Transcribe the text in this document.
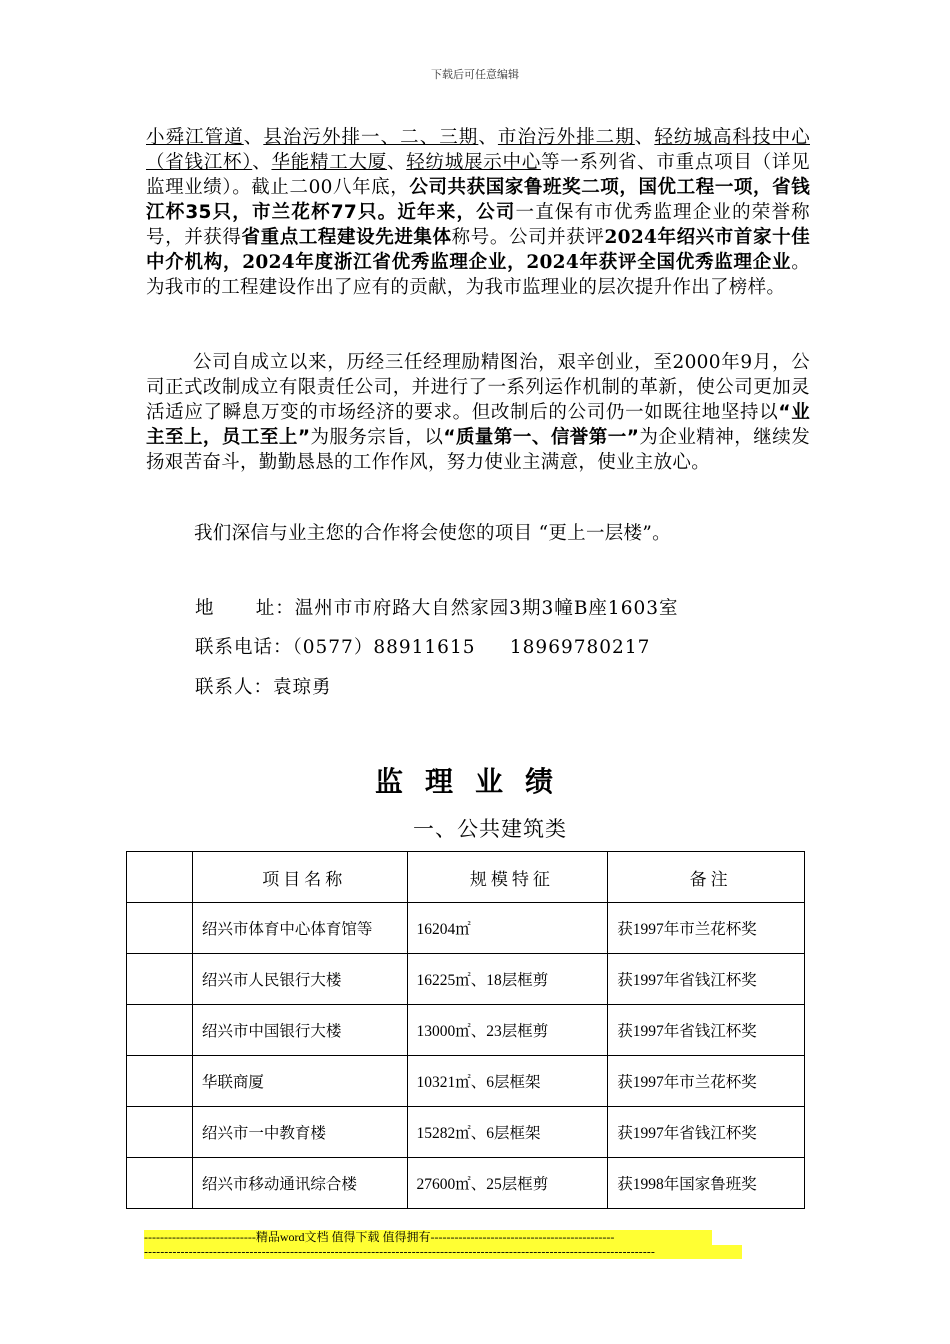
下载后可任意编辑
小舜江管道、县治污外排一、二、三期、市治污外排二期、轻纺城高科技中心（省钱江杯）、华能精工大厦、轻纺城展示中心等一系列省、市重点项目（详见监理业绩）。截止二00八年底，公司共获国家鲁班奖二项，国优工程一项，省钱江杯35只，市兰花杯77只。近年来，公司一直保有市优秀监理企业的荣誉称号，并获得省重点工程建设先进集体称号。公司并获评2024年绍兴市首家十佳中介机构，2024年度浙江省优秀监理企业，2024年获评全国优秀监理企业。为我市的工程建设作出了应有的贡献，为我市监理业的层次提升作出了榜样。
公司自成立以来，历经三任经理励精图治，艰辛创业，至2000年9月，公司正式改制成立有限责任公司，并进行了一系列运作机制的革新，使公司更加灵活适应了瞬息万变的市场经济的要求。但改制后的公司仍一如既往地坚持以“业主至上，员工至上”为服务宗旨，以“质量第一、信誉第一”为企业精神，继续发扬艰苦奋斗，勤勤恳恳的工作作风，努力使业主满意，使业主放心。
我们深信与业主您的合作将会使您的项目 “更上一层楼”。
地      址：温州市市府路大自然家园3期3幢B座1603室
联系电话：（0577）88911615     18969780217
联系人：袁琼勇
监理业绩
一、公共建筑类
	项目名称	规模特征	备注
	绍兴市体育中心体育馆等	16204㎡	获1997年市兰花杯奖
	绍兴市人民银行大楼	16225㎡、18层框剪	获1997年省钱江杯奖
	绍兴市中国银行大楼	13000㎡、23层框剪	获1997年省钱江杯奖
	华联商厦	10321㎡、6层框架	获1997年市兰花杯奖
	绍兴市一中教育楼	15282㎡、6层框架	获1997年省钱江杯奖
	绍兴市移动通讯综合楼	27600㎡、25层框剪	获1998年国家鲁班奖
----------------------------精品word文档 值得下载 值得拥有----------------------------------------------
------------------------------------------------------------------------------------------------------------------------------
